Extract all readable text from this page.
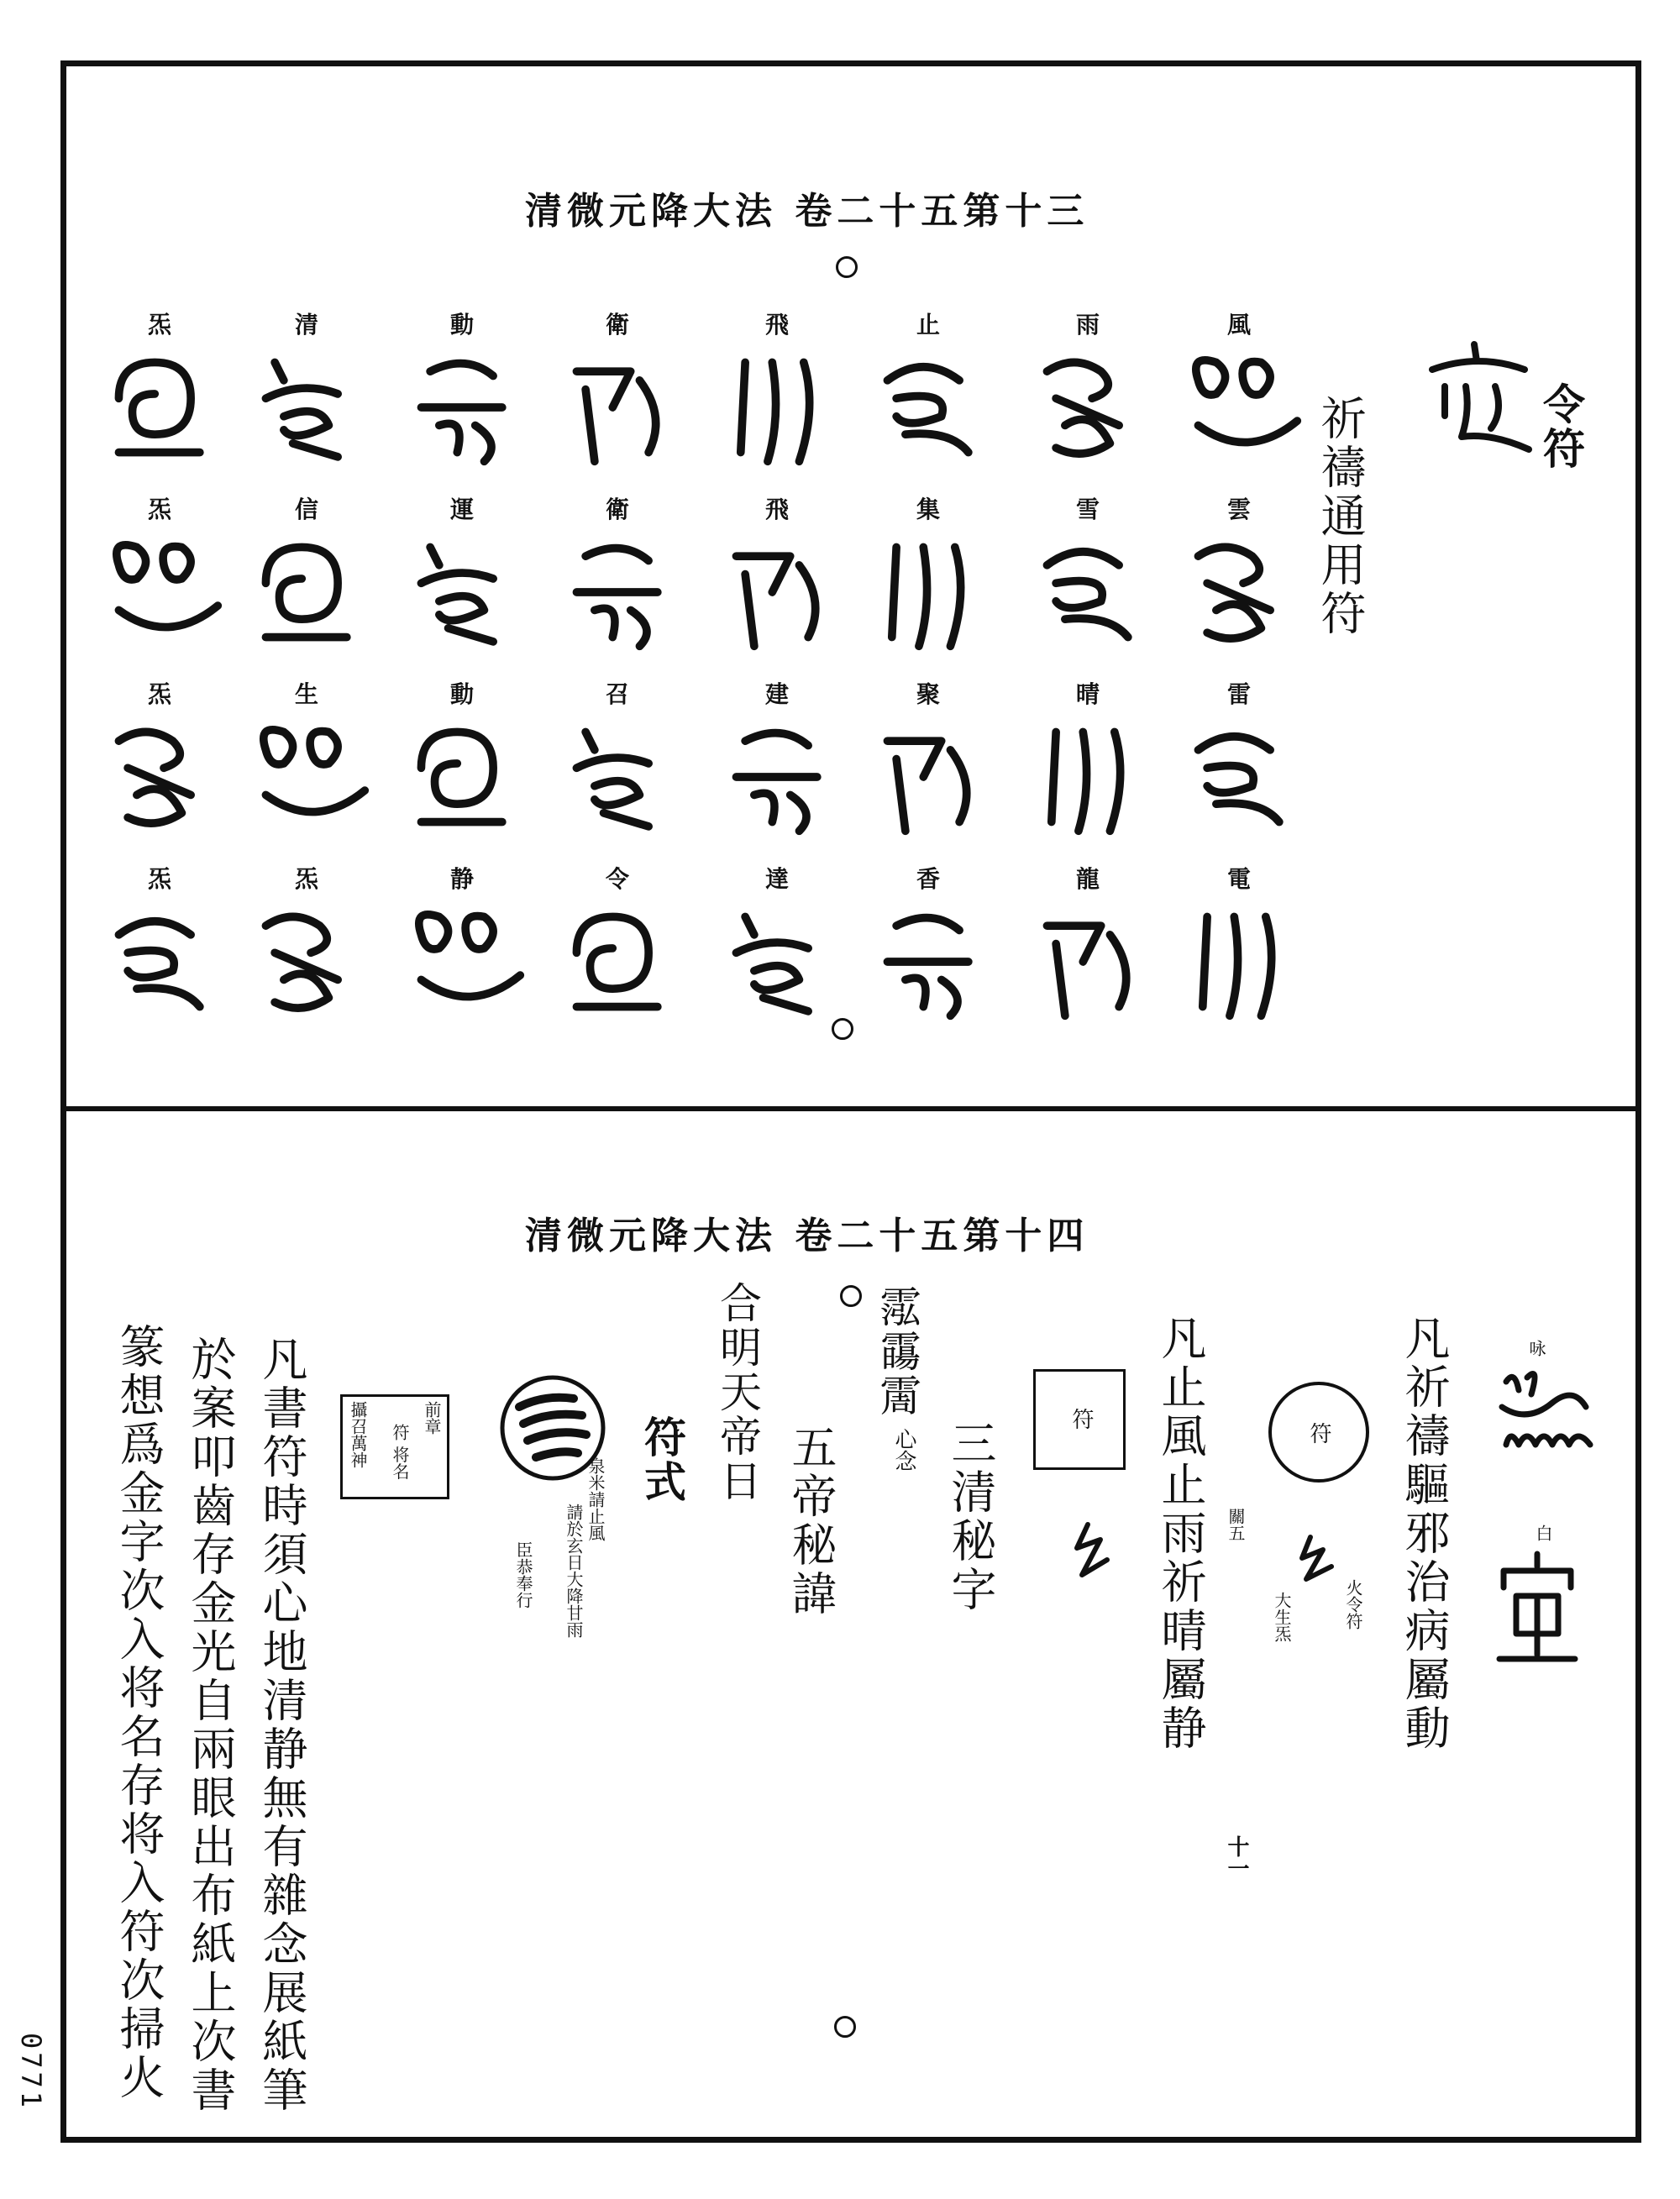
清微元降大法 卷二十五第十三
令符
祈禱通用符
風
雲
雷
電
雨
雪
晴
龍
止
集
聚
香
飛
飛
建
達
衛
衛
召
令
動
運
動
静
清
信
生
炁
炁
炁
炁
炁
清微元降大法 卷二十五第十四
咏
白
凡祈禱驅邪治病屬動
符
火令符
大生炁
關五
凡止風止雨祈晴屬静
十一
符
三清秘字
霐霷霌
心念
五帝秘諱
合明天帝日
符式
泉米請止風
請於玄日大降甘雨
臣恭奉行
前章
符 将名
攝召萬神
凡書符時須心地清静無有雜念展紙筆
於案叩齒存金光自兩眼出布紙上次書
篆想爲金字次入将名存将入符次掃火
0771
